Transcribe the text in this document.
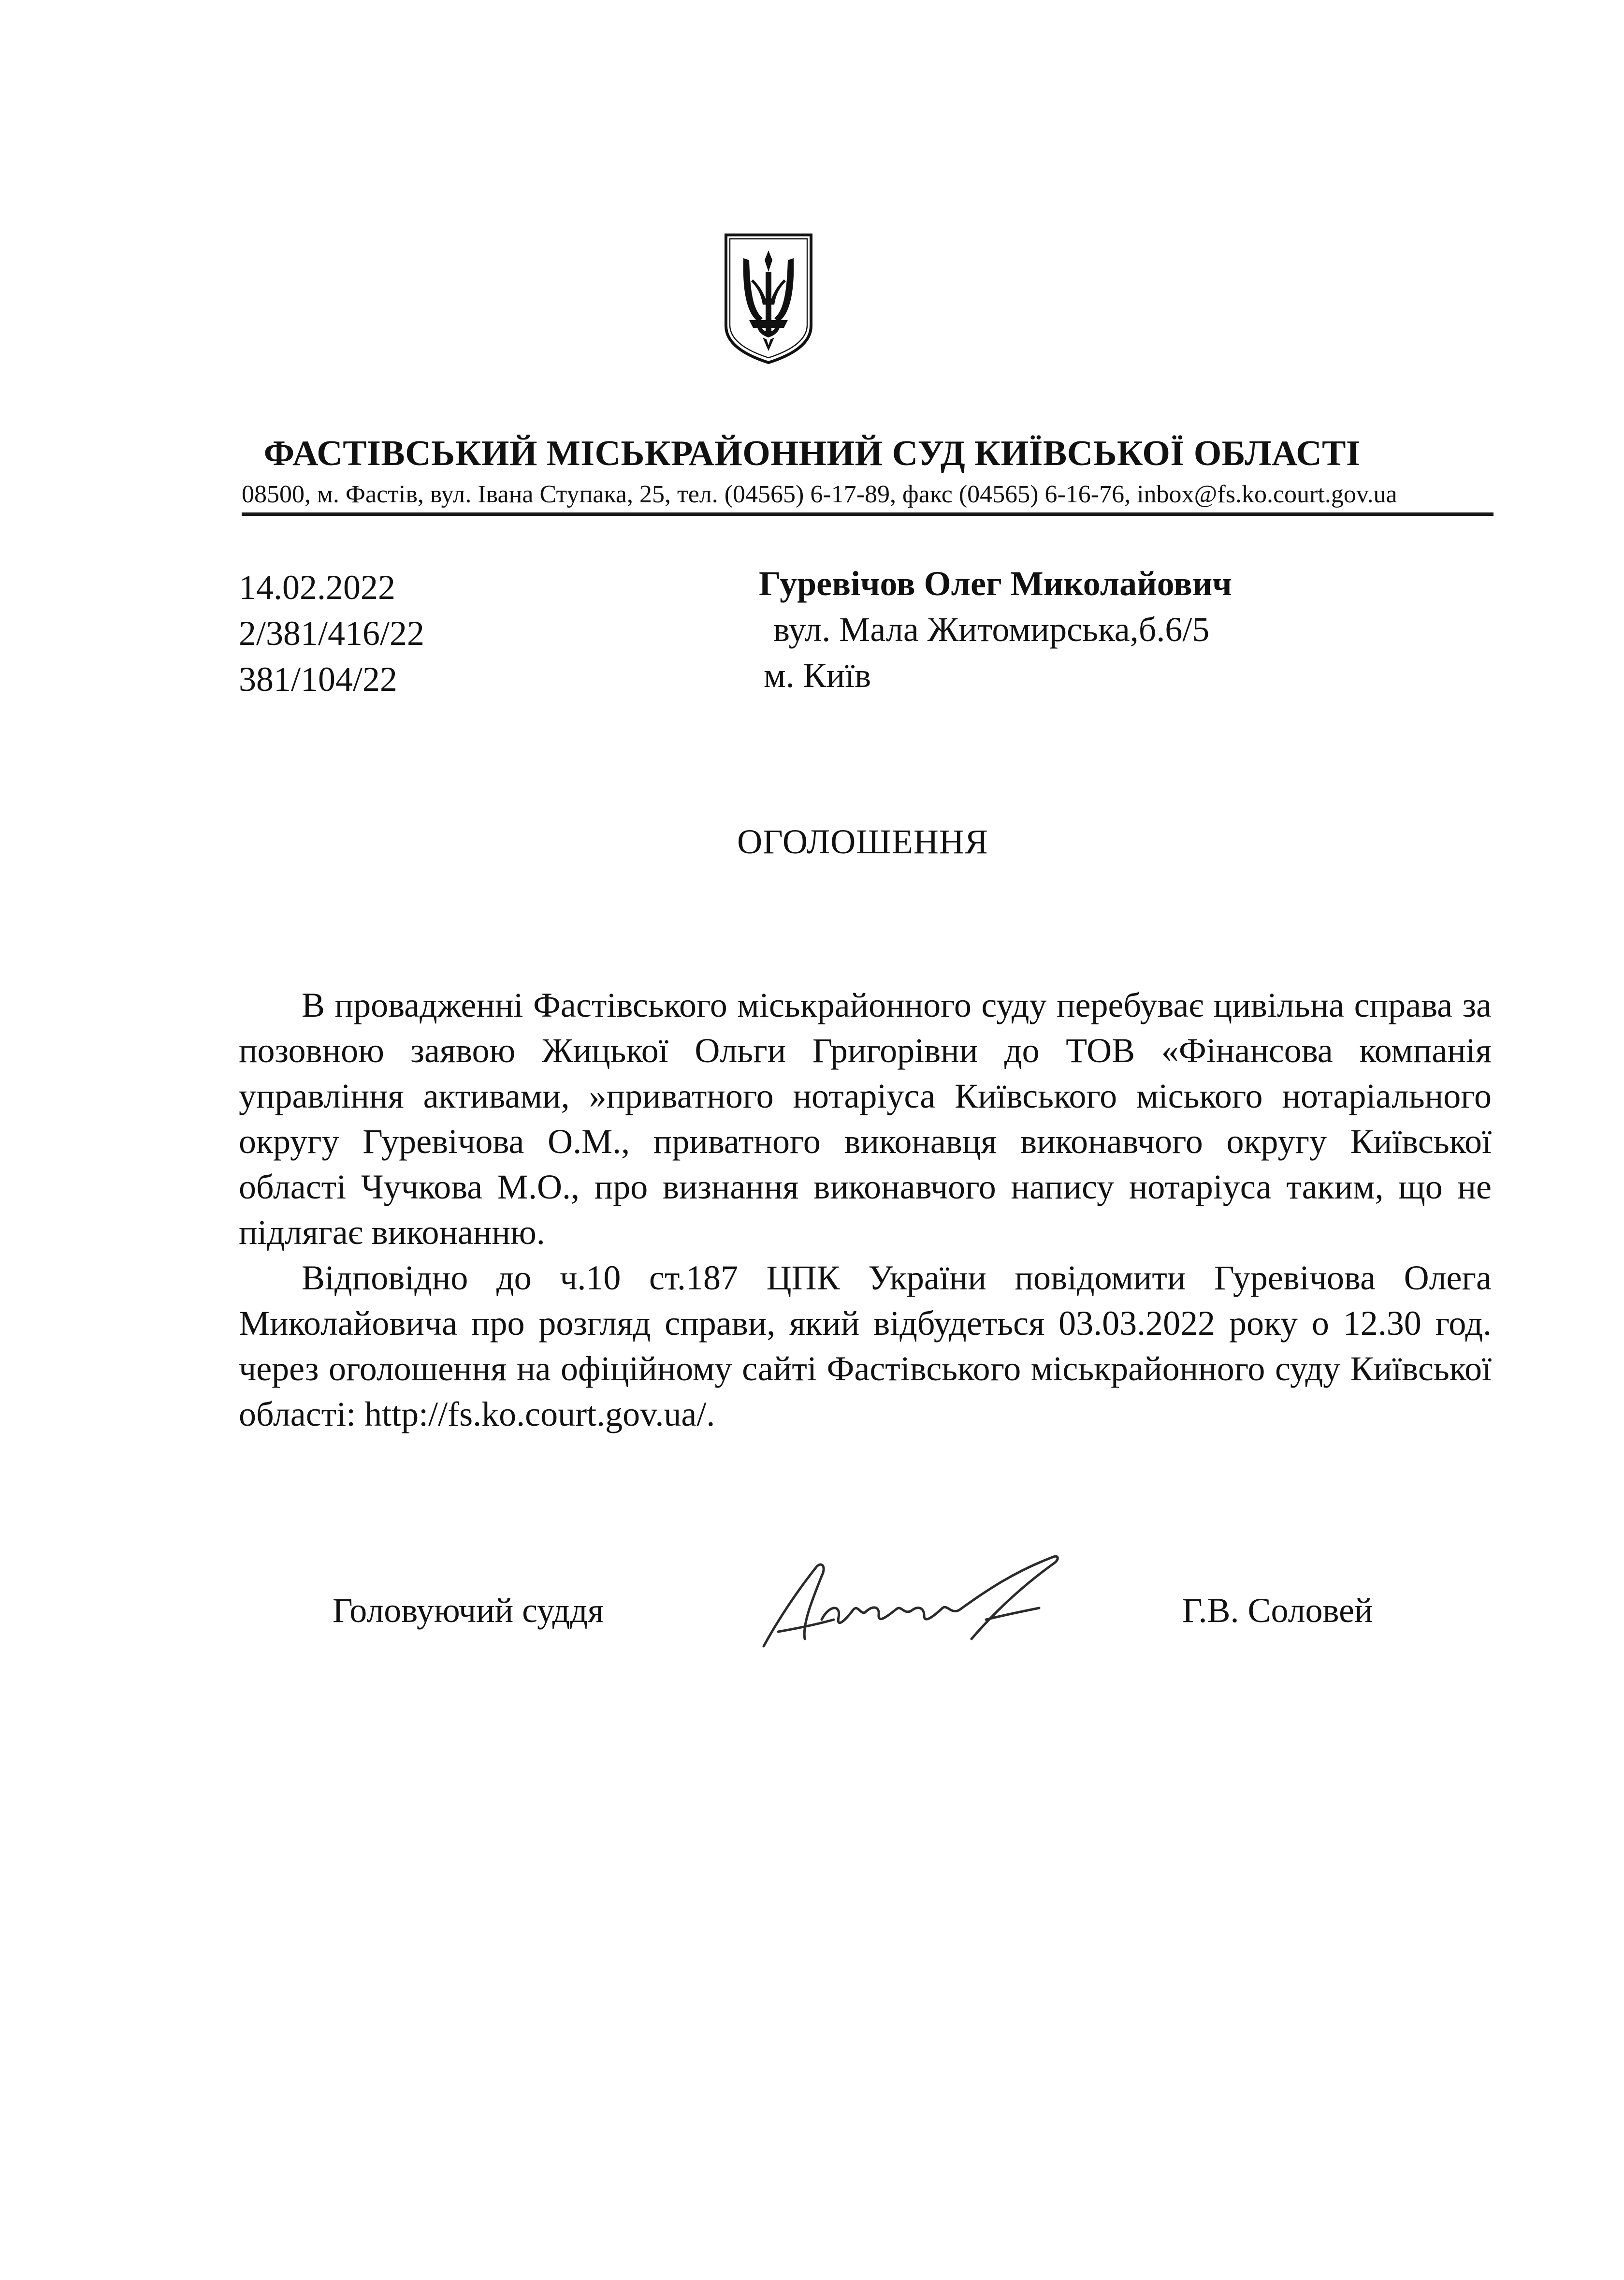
ФАСТІВСЬКИЙ МІСЬКРАЙОННИЙ СУД КИЇВСЬКОЇ ОБЛАСТІ
08500, м. Фастів, вул. Івана Ступака, 25, тел. (04565) 6-17-89, факс (04565) 6-16-76, inbox@fs.ko.court.gov.ua
14.02.2022
2/381/416/22
381/104/22
Гуревічов Олег Миколайович
вул. Мала Житомирська,б.6/5
м. Київ
ОГОЛОШЕННЯ

В провадженні Фастівського міськрайонного суду перебуває цивільна справа за позовною заявою Жицької Ольги Григорівни до ТОВ «Фінансова компанія управління активами, »приватного нотаріуса Київського міського нотаріального округу Гуревічова О.М., приватного виконавця виконавчого округу Київської області Чучкова М.О., про визнання виконавчого напису нотаріуса таким, що не підлягає виконанню.

Відповідно до ч.10 ст.187 ЦПК України повідомити Гуревічова Олега Миколайовича про розгляд справи, який відбудеться 03.03.2022 року о 12.30 год. через оголошення на офіційному сайті Фастівського міськрайонного суду Київської області: http://fs.ko.court.gov.ua/.

Головуючий суддя	Г.В. Соловей
